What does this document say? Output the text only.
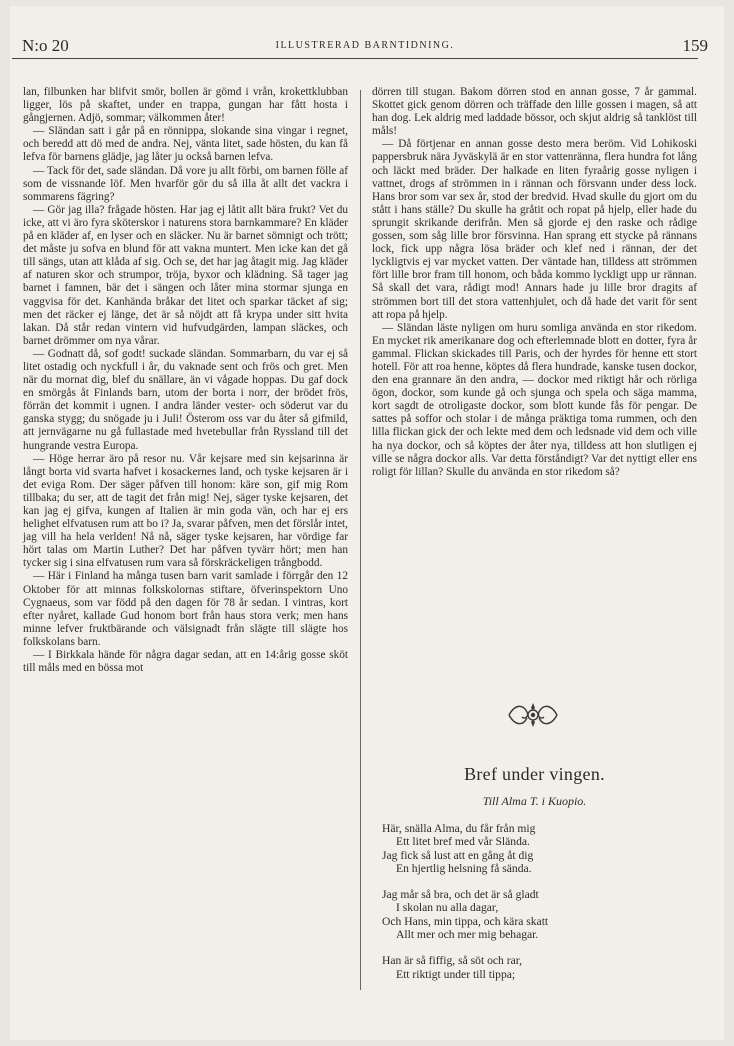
N:o 20	ILLUSTRERAD BARNTIDNING.	159

lan, filbunken har blifvit smör, bollen är gömd i vrån, krokettklubban ligger, lös på skaftet, under en trappa, gungan har fått hosta i gångjernen. Adjö, sommar; välkommen åter!

— Sländan satt i går på en rönnippa, slokande sina vingar i regnet, och beredd att dö med de andra. Nej, vänta litet, sade hösten, du kan få lefva för barnens glädje, jag låter ju också barnen lefva.

— Tack för det, sade sländan. Då vore ju allt förbi, om barnen fölle af som de vissnande löf. Men hvarför gör du så illa åt allt det vackra i sommarens fägring?

— Gör jag illa? frågade hösten. Har jag ej låtit allt bära frukt? Vet du icke, att vi äro fyra sköterskor i naturens stora barnkammare? En kläder på en kläder af, en lyser och en släcker. Nu är barnet sömnigt och trött; det måste ju sofva en blund för att vakna muntert. Men icke kan det gå till sängs, utan att klåda af sig. Och se, det har jag åtagit mig. Jag kläder af naturen skor och strumpor, tröja, byxor och klädning. Så tager jag barnet i famnen, bär det i sängen och låter mina stormar sjunga en vaggvisa för det. Kanhända bråkar det litet och sparkar täcket af sig; men det räcker ej länge, det är så nöjdt att få krypa under sitt hvita lakan. Då står redan vintern vid hufvudgärden, lampan släckes, och barnet drömmer om nya vårar.

— Godnatt då, sof godt! suckade sländan. Sommarbarn, du var ej så litet ostadig och nyckfull i år, du vaknade sent och frös och gret. Men när du mornat dig, blef du snällare, än vi vågade hoppas. Du gaf dock en smörgås åt Finlands barn, utom der borta i norr, der brödet frös, förrän det kommit i ugnen. I andra länder vester- och söderut var du ganska stygg; du snögade ju i Juli! Österom oss var du åter så gifmild, att jernvägarne nu gå fullastade med hvetebullar från Ryssland till det hungrande vestra Europa.

— Höge herrar äro på resor nu. Vår kejsare med sin kejsarinna är långt borta vid svarta hafvet i kosackernes land, och tyske kejsaren är i det eviga Rom. Der säger påfven till honom: käre son, gif mig Rom tillbaka; du ser, att de tagit det från mig! Nej, säger tyske kejsaren, det kan jag ej gifva, kungen af Italien är min goda vän, och har ej ers helighet elfvatusen rum att bo i? Ja, svarar påfven, men det förslår intet, jag vill ha hela verlden! Nå nå, säger tyske kejsaren, har vördige far hört talas om Martin Luther? Det har påfven tyvärr hört; men han tycker sig i sina elfvatusen rum vara så förskräckeligen trångbodd.

— Här i Finland ha många tusen barn varit samlade i förrgår den 12 Oktober för att minnas folkskolornas stiftare, öfverinspektorn Uno Cygnaeus, som var född på den dagen för 78 år sedan. I vintras, kort efter nyåret, kallade Gud honom bort från haus stora verk; men hans minne lefver fruktbärande och välsignadt från slägte till slägte hos folkskolans barn.

— I Birkkala hände för några dagar sedan, att en 14:årig gosse sköt till måls med en bössa mot

dörren till stugan. Bakom dörren stod en annan gosse, 7 år gammal. Skottet gick genom dörren och träffade den lille gossen i magen, så att han dog. Lek aldrig med laddade bössor, och skjut aldrig så tanklöst till måls!

— Då förtjenar en annan gosse desto mera beröm. Vid Lohikoski pappersbruk nära Jyväskylä är en stor vattenränna, flera hundra fot lång och läckt med bräder. Der halkade en liten fyraårig gosse nyligen i vattnet, drogs af strömmen in i rännan och försvann under dess lock. Hans bror som var sex år, stod der bredvid. Hvad skulle du gjort om du stått i hans ställe? Du skulle ha gråtit och ropat på hjelp, eller hade du sprungit skrikande derifrån. Men så gjorde ej den raske och rådige gossen, som såg lille bror försvinna. Han sprang ett stycke på rännans lock, fick upp några lösa bräder och klef ned i rännan, der det lyckligtvis ej var mycket vatten. Der väntade han, tilldess att strömmen fört lille bror fram till honom, och båda kommo lyckligt upp ur rännan. Så skall det vara, rådigt mod! Annars hade ju lille bror dragits af strömmen bort till det stora vattenhjulet, och då hade det varit för sent att ropa på hjelp.

— Sländan läste nyligen om huru somliga använda en stor rikedom. En mycket rik amerikanare dog och efterlemnade blott en dotter, fyra år gammal. Flickan skickades till Paris, och der hyrdes för henne ett stort hotell. För att roa henne, köptes då flera hundrade, kanske tusen dockor, den ena grannare än den andra, — dockor med riktigt hår och rörliga ögon, dockor, som kunde gå och sjunga och spela och säga mamma, kort sagdt de otroligaste dockor, som blott kunde fås för pengar. De sattes på soffor och stolar i de många präktiga toma rummen, och den lilla flickan gick der och lekte med dem och ledsnade vid dem och ville ha nya dockor, och så köptes der åter nya, tilldess att hon slutligen ej ville se några dockor alls. Var detta förståndigt? Var det nyttigt eller ens roligt för lillan? Skulle du använda en stor rikedom så?

Bref under vingen.
Till Alma T. i Kuopio.
Här, snälla Alma, du får från mig
Ett litet bref med vår Sländа.
Jag fick så lust att en gång åt dig
En hjertlig helsning få sända.
Jag mår så bra, och det är så gladt
I skolan nu alla dagar,
Och Hans, min tippa, och kära skatt
Allt mer och mer mig behagar.
Han är så fiffig, så söt och rar,
Ett riktigt under till tippa;
